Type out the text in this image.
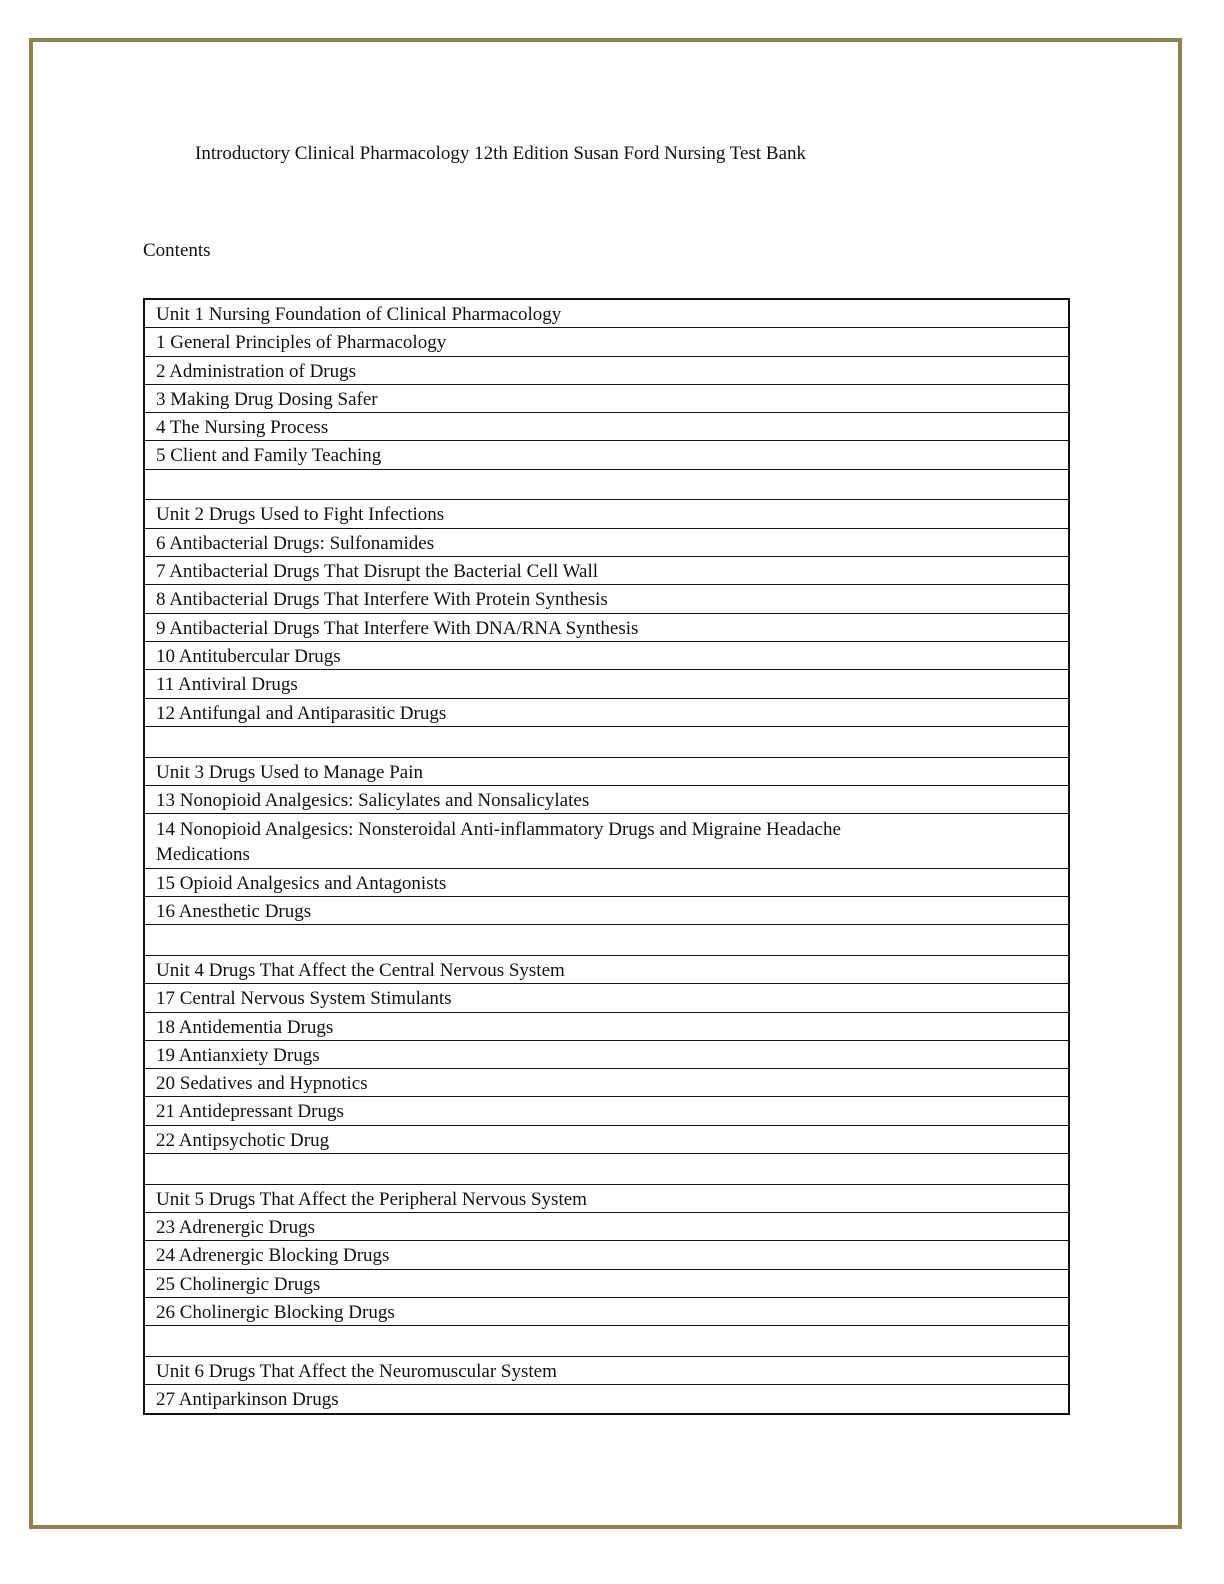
Introductory Clinical Pharmacology 12th Edition Susan Ford Nursing Test Bank
Contents
Unit 1 Nursing Foundation of Clinical Pharmacology
1 General Principles of Pharmacology
2 Administration of Drugs
3 Making Drug Dosing Safer
4 The Nursing Process
5 Client and Family Teaching
Unit 2 Drugs Used to Fight Infections
6 Antibacterial Drugs: Sulfonamides
7 Antibacterial Drugs That Disrupt the Bacterial Cell Wall
8 Antibacterial Drugs That Interfere With Protein Synthesis
9 Antibacterial Drugs That Interfere With DNA/RNA Synthesis
10 Antitubercular Drugs
11 Antiviral Drugs
12 Antifungal and Antiparasitic Drugs
Unit 3 Drugs Used to Manage Pain
13 Nonopioid Analgesics: Salicylates and Nonsalicylates
14 Nonopioid Analgesics: Nonsteroidal Anti-inflammatory Drugs and Migraine Headache Medications
15 Opioid Analgesics and Antagonists
16 Anesthetic Drugs
Unit 4 Drugs That Affect the Central Nervous System
17 Central Nervous System Stimulants
18 Antidementia Drugs
19 Antianxiety Drugs
20 Sedatives and Hypnotics
21 Antidepressant Drugs
22 Antipsychotic Drug
Unit 5 Drugs That Affect the Peripheral Nervous System
23 Adrenergic Drugs
24 Adrenergic Blocking Drugs
25 Cholinergic Drugs
26 Cholinergic Blocking Drugs
Unit 6 Drugs That Affect the Neuromuscular System
27 Antiparkinson Drugs
